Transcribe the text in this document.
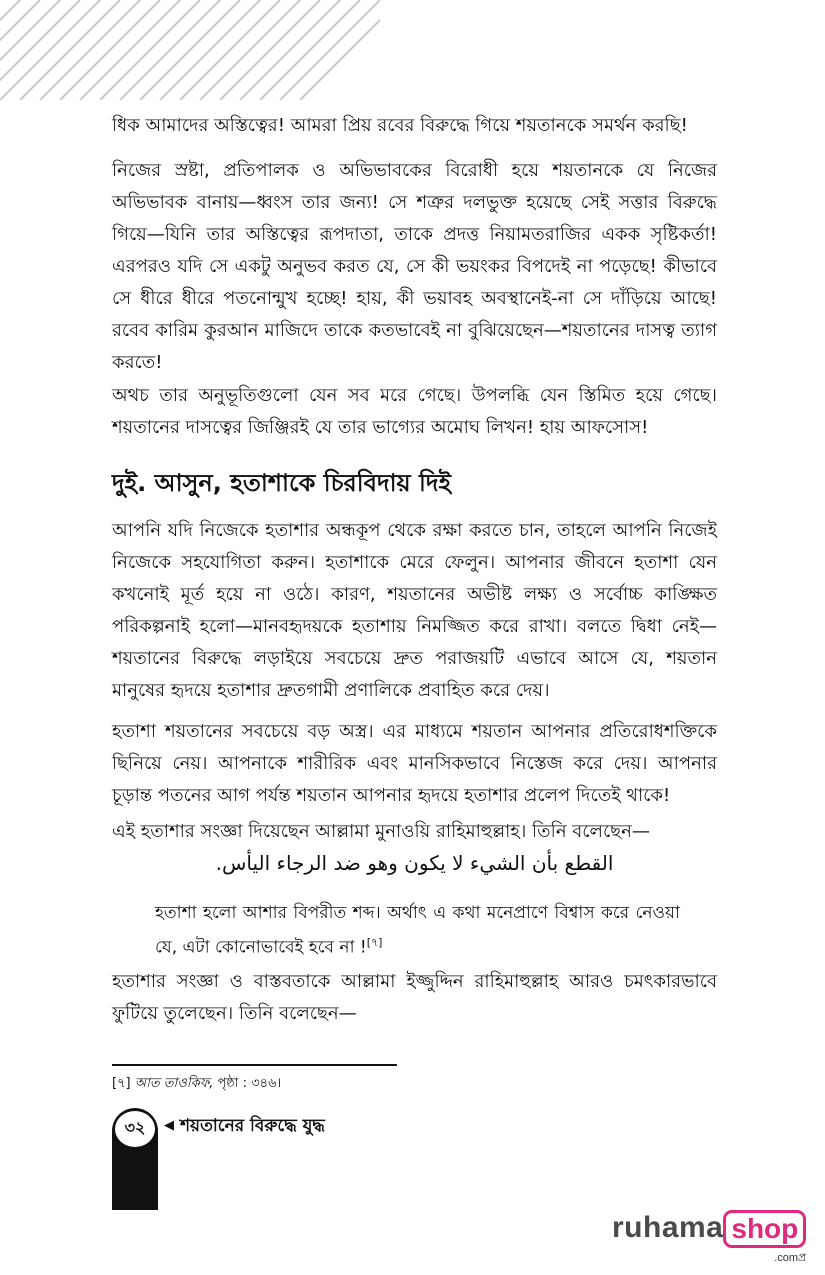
ধিক আমাদের অস্তিত্বের! আমরা প্রিয় রবের বিরুদ্ধে গিয়ে শয়তানকে সমর্থন করছি!

নিজের স্রষ্টা, প্রতিপালক ও অভিভাবকের বিরোধী হয়ে শয়তানকে যে নিজের অভিভাবক বানায়—ধ্বংস তার জন্য! সে শত্রুর দলভুক্ত হয়েছে সেই সত্তার বিরুদ্ধে গিয়ে—যিনি তার অস্তিত্বের রূপদাতা, তাকে প্রদত্ত নিয়ামতরাজির একক সৃষ্টিকর্তা! এরপরও যদি সে একটু অনুভব করত যে, সে কী ভয়ংকর বিপদেই না পড়েছে! কীভাবে সে ধীরে ধীরে পতনোন্মুখ হচ্ছে! হায়, কী ভয়াবহ অবস্থানেই-না সে দাঁড়িয়ে আছে! রবেব কারিম কুরআন মাজিদে তাকে কতভাবেই না বুঝিয়েছেন—শয়তানের দাসত্ব ত্যাগ করতে!

অথচ তার অনুভূতিগুলো যেন সব মরে গেছে। উপলব্ধি যেন স্তিমিত হয়ে গেছে। শয়তানের দাসত্বের জিঞ্জিরই যে তার ভাগ্যের অমোঘ লিখন! হায় আফসোস!

দুই. আসুন, হতাশাকে চিরবিদায় দিই

আপনি যদি নিজেকে হতাশার অন্ধকূপ থেকে রক্ষা করতে চান, তাহলে আপনি নিজেই নিজেকে সহযোগিতা করুন। হতাশাকে মেরে ফেলুন। আপনার জীবনে হতাশা যেন কখনোই মূর্ত হয়ে না ওঠে। কারণ, শয়তানের অভীষ্ট লক্ষ্য ও সর্বোচ্চ কাঙ্ক্ষিত পরিকল্পনাই হলো—মানবহৃদয়কে হতাশায় নিমজ্জিত করে রাখা। বলতে দ্বিধা নেই—শয়তানের বিরুদ্ধে লড়াইয়ে সবচেয়ে দ্রুত পরাজয়টি এভাবে আসে যে, শয়তান মানুষের হৃদয়ে হতাশার দ্রুতগামী প্রণালিকে প্রবাহিত করে দেয়।

হতাশা শয়তানের সবচেয়ে বড় অস্ত্র। এর মাধ্যমে শয়তান আপনার প্রতিরোধশক্তিকে ছিনিয়ে নেয়। আপনাকে শারীরিক এবং মানসিকভাবে নিস্তেজ করে দেয়। আপনার চূড়ান্ত পতনের আগ পর্যন্ত শয়তান আপনার হৃদয়ে হতাশার প্রলেপ দিতেই থাকে!

এই হতাশার সংজ্ঞা দিয়েছেন আল্লামা মুনাওয়ি রাহিমাহুল্লাহ। তিনি বলেছেন—

القطع بأن الشيء لا يكون وهو ضد الرجاء اليأس.
হতাশা হলো আশার বিপরীত শব্দ। অর্থাৎ এ কথা মনেপ্রাণে বিশ্বাস করে নেওয়া যে, এটা কোনোভাবেই হবে না ![৭]

হতাশার সংজ্ঞা ও বাস্তবতাকে আল্লামা ইজ্জুদ্দিন রাহিমাহুল্লাহ আরও চমৎকারভাবে ফুটিয়ে তুলেছেন। তিনি বলেছেন—

[৭] আত তাওকিফ, পৃষ্ঠা : ৩৪৬।
৩২	◀ শয়তানের বিরুদ্ধে যুদ্ধ
ruhama shop
.comপ্র
